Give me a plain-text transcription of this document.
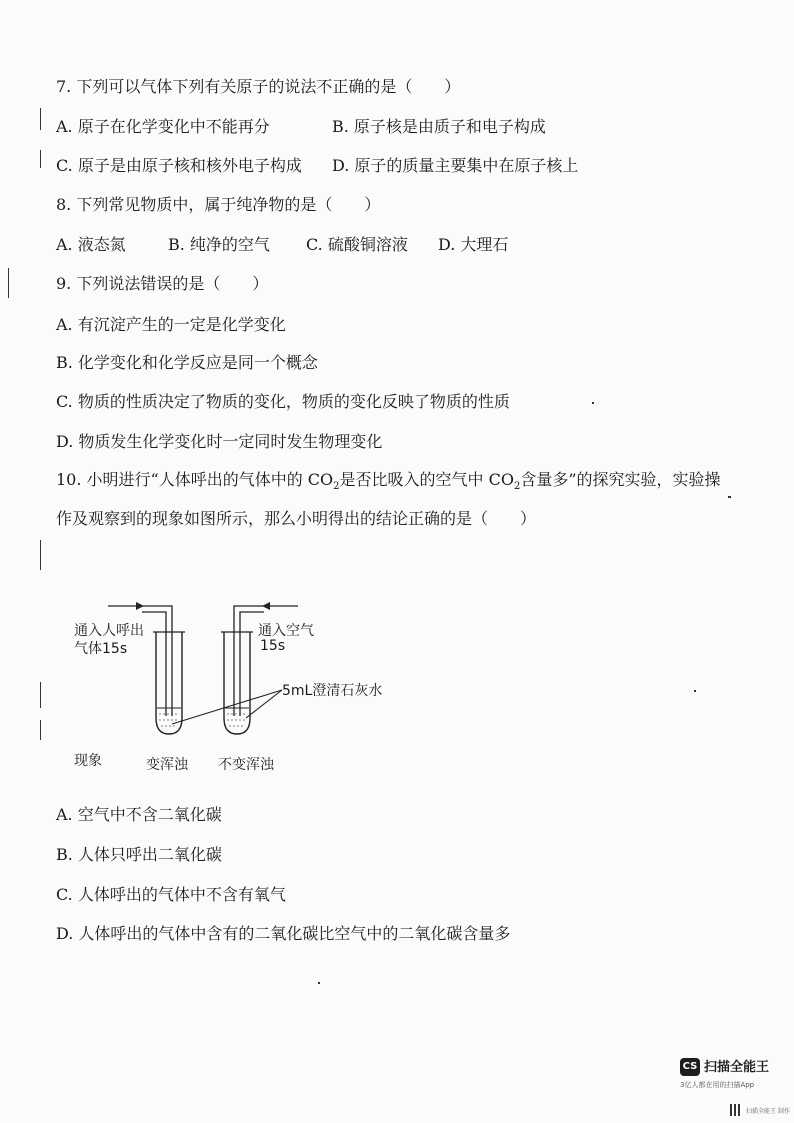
7. 下列可以气体下列有关原子的说法不正确的是（　　）
A. 原子在化学变化中不能再分	B. 原子核是由质子和电子构成
C. 原子是由原子核和核外电子构成 D. 原子的质量主要集中在原子核上
8. 下列常见物质中，属于纯净物的是（　　）
A. 液态氮	B. 纯净的空气 C. 硫酸铜溶液 D. 大理石
9. 下列说法错误的是（　　）
A. 有沉淀产生的一定是化学变化
B. 化学变化和化学反应是同一个概念
C. 物质的性质决定了物质的变化，物质的变化反映了物质的性质
D. 物质发生化学变化时一定同时发生物理变化
10. 小明进行“人体呼出的气体中的 $CO_2$是否比吸入的空气中 $CO_2$含量多”的探究实验，实验操
作及观察到的现象如图所示，那么小明得出的结论正确的是（　　）
通入人呼出
气体15s
通入空气
15s
5mL澄清石灰水
现象	变浑浊 不变浑浊
A. 空气中不含二氧化碳
B. 人体只呼出二氧化碳
C. 人体呼出的气体中不含有氧气
D. 人体呼出的气体中含有的二氧化碳比空气中的二氧化碳含量多
CS 扫描全能王
3亿人都在用的扫描App
扫描全能王 制作
